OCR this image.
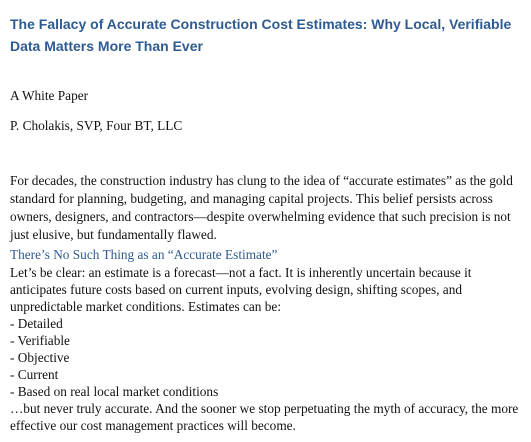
The Fallacy of Accurate Construction Cost Estimates: Why Local, Verifiable Data Matters More Than Ever

A White Paper

P. Cholakis, SVP, Four BT, LLC

For decades, the construction industry has clung to the idea of “accurate estimates” as the gold standard for planning, budgeting, and managing capital projects. This belief persists across owners, designers, and contractors—despite overwhelming evidence that such precision is not just elusive, but fundamentally flawed.

There’s No Such Thing as an “Accurate Estimate”

Let’s be clear: an estimate is a forecast—not a fact. It is inherently uncertain because it anticipates future costs based on current inputs, evolving design, shifting scopes, and unpredictable market conditions. Estimates can be:

- Detailed
- Verifiable
- Objective
- Current
- Based on real local market conditions

…but never truly accurate. And the sooner we stop perpetuating the myth of accuracy, the more effective our cost management practices will become.
